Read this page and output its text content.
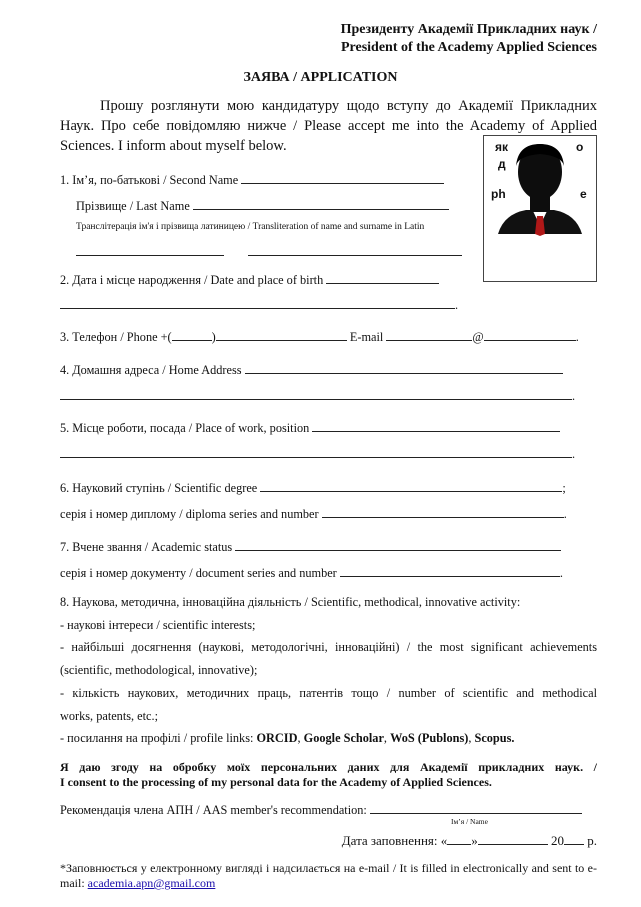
Президенту Академії Прикладних наук /
President of the Academy Applied Sciences
ЗАЯВА / APPLICATION
Прошу розглянути мою кандидатуру щодо вступу до Академії Прикладних Наук. Про себе повідомляю нижче / Please accept me into the Academy of Applied Sciences. I inform about myself below.	як	о
д
ph	e
1. Ім’я, по-батькові / Second Name
Прізвище / Last Name
Транслітерація ім'я і прізвища латиницею / Transliteration of name and surname in Latin

2. Дата і місце народження / Date and place of birth
.
3. Телефон / Phone +(	)	E-mail	@	.
4. Домашня адреса / Home Address
.
5. Місце роботи, посада / Place of work, position
.
6. Науковий ступінь / Scientific degree	;
серія і номер диплому / diploma series and number	.
7. Вчене звання / Academic status
серія і номер документу / document series and number	.
8. Наукова, методична, інноваційна діяльність / Scientific, methodical, innovative activity:
- наукові інтереси / scientific interests;
- найбільші досягнення (наукові, методологічні, інноваційні) / the most significant achievements
(scientific, methodological, innovative);
- кількість наукових, методичних праць, патентів тощо / number of scientific and methodical
works, patents, etc.;
- посилання на профілі / profile links: ORCID, Google Scholar, WoS (Publons), Scopus.
Я даю згоду на обробку моїх персональних даних для Академії прикладних наук. /
I consent to the processing of my personal data for the Academy of Applied Sciences.
Рекомендація члена АПН / AAS member's recommendation:
Ім’я / Name
Дата заповнення: « »	20 р.
*Заповнюється у електронному вигляді і надсилається на e-mail / It is filled in electronically and sent to e-mail: academia.apn@gmail.com
